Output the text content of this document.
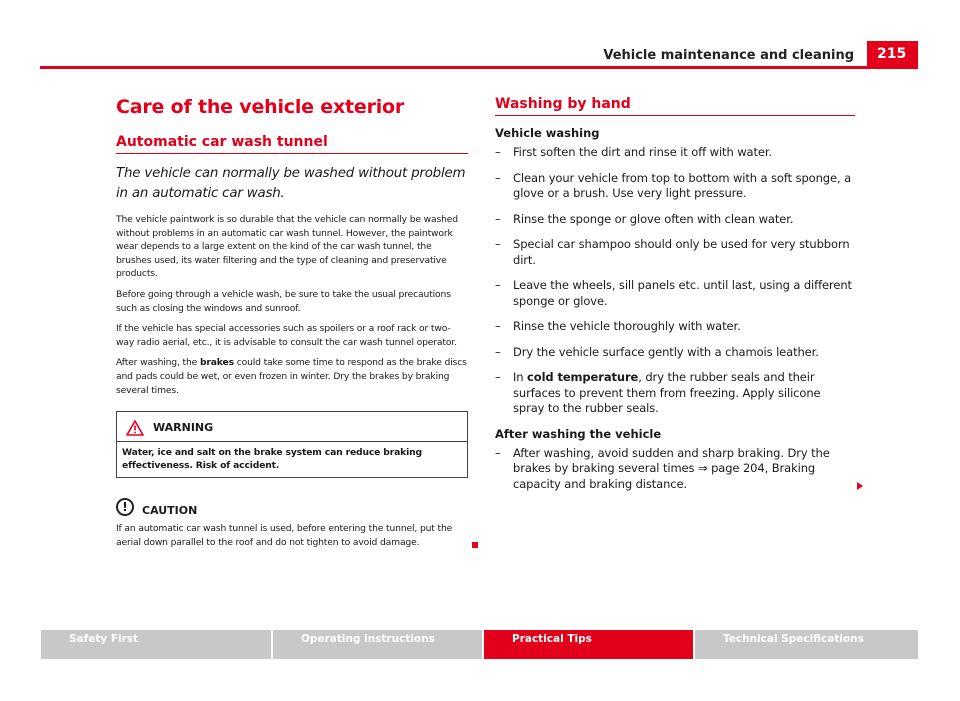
Vehicle maintenance and cleaning	215
Care of the vehicle exterior
Automatic car wash tunnel
The vehicle can normally be washed without problem in an automatic car wash.

The vehicle paintwork is so durable that the vehicle can normally be washed without problems in an automatic car wash tunnel. However, the paintwork wear depends to a large extent on the kind of the car wash tunnel, the brushes used, its water filtering and the type of cleaning and preservative products.

Before going through a vehicle wash, be sure to take the usual precautions such as closing the windows and sunroof.

If the vehicle has special accessories such as spoilers or a roof rack or two-way radio aerial, etc., it is advisable to consult the car wash tunnel operator.

After washing, the brakes could take some time to respond as the brake discs and pads could be wet, or even frozen in winter. Dry the brakes by braking several times.

WARNING
Water, ice and salt on the brake system can reduce braking effectiveness. Risk of accident.
!	CAUTION
If an automatic car wash tunnel is used, before entering the tunnel, put the aerial down parallel to the roof and do not tighten to avoid damage.
Washing by hand
Vehicle washing
– First soften the dirt and rinse it off with water.
– Clean your vehicle from top to bottom with a soft sponge, a glove or a brush. Use very light pressure.
– Rinse the sponge or glove often with clean water.
– Special car shampoo should only be used for very stubborn dirt.
– Leave the wheels, sill panels etc. until last, using a different sponge or glove.
– Rinse the vehicle thoroughly with water.
– Dry the vehicle surface gently with a chamois leather.
– In cold temperature, dry the rubber seals and their surfaces to prevent them from freezing. Apply silicone spray to the rubber seals.
After washing the vehicle
– After washing, avoid sudden and sharp braking. Dry the brakes by braking several times ⇒ page 204, Braking capacity and braking distance.
Safety First	Operating instructions	Practical Tips	Technical Specifications
